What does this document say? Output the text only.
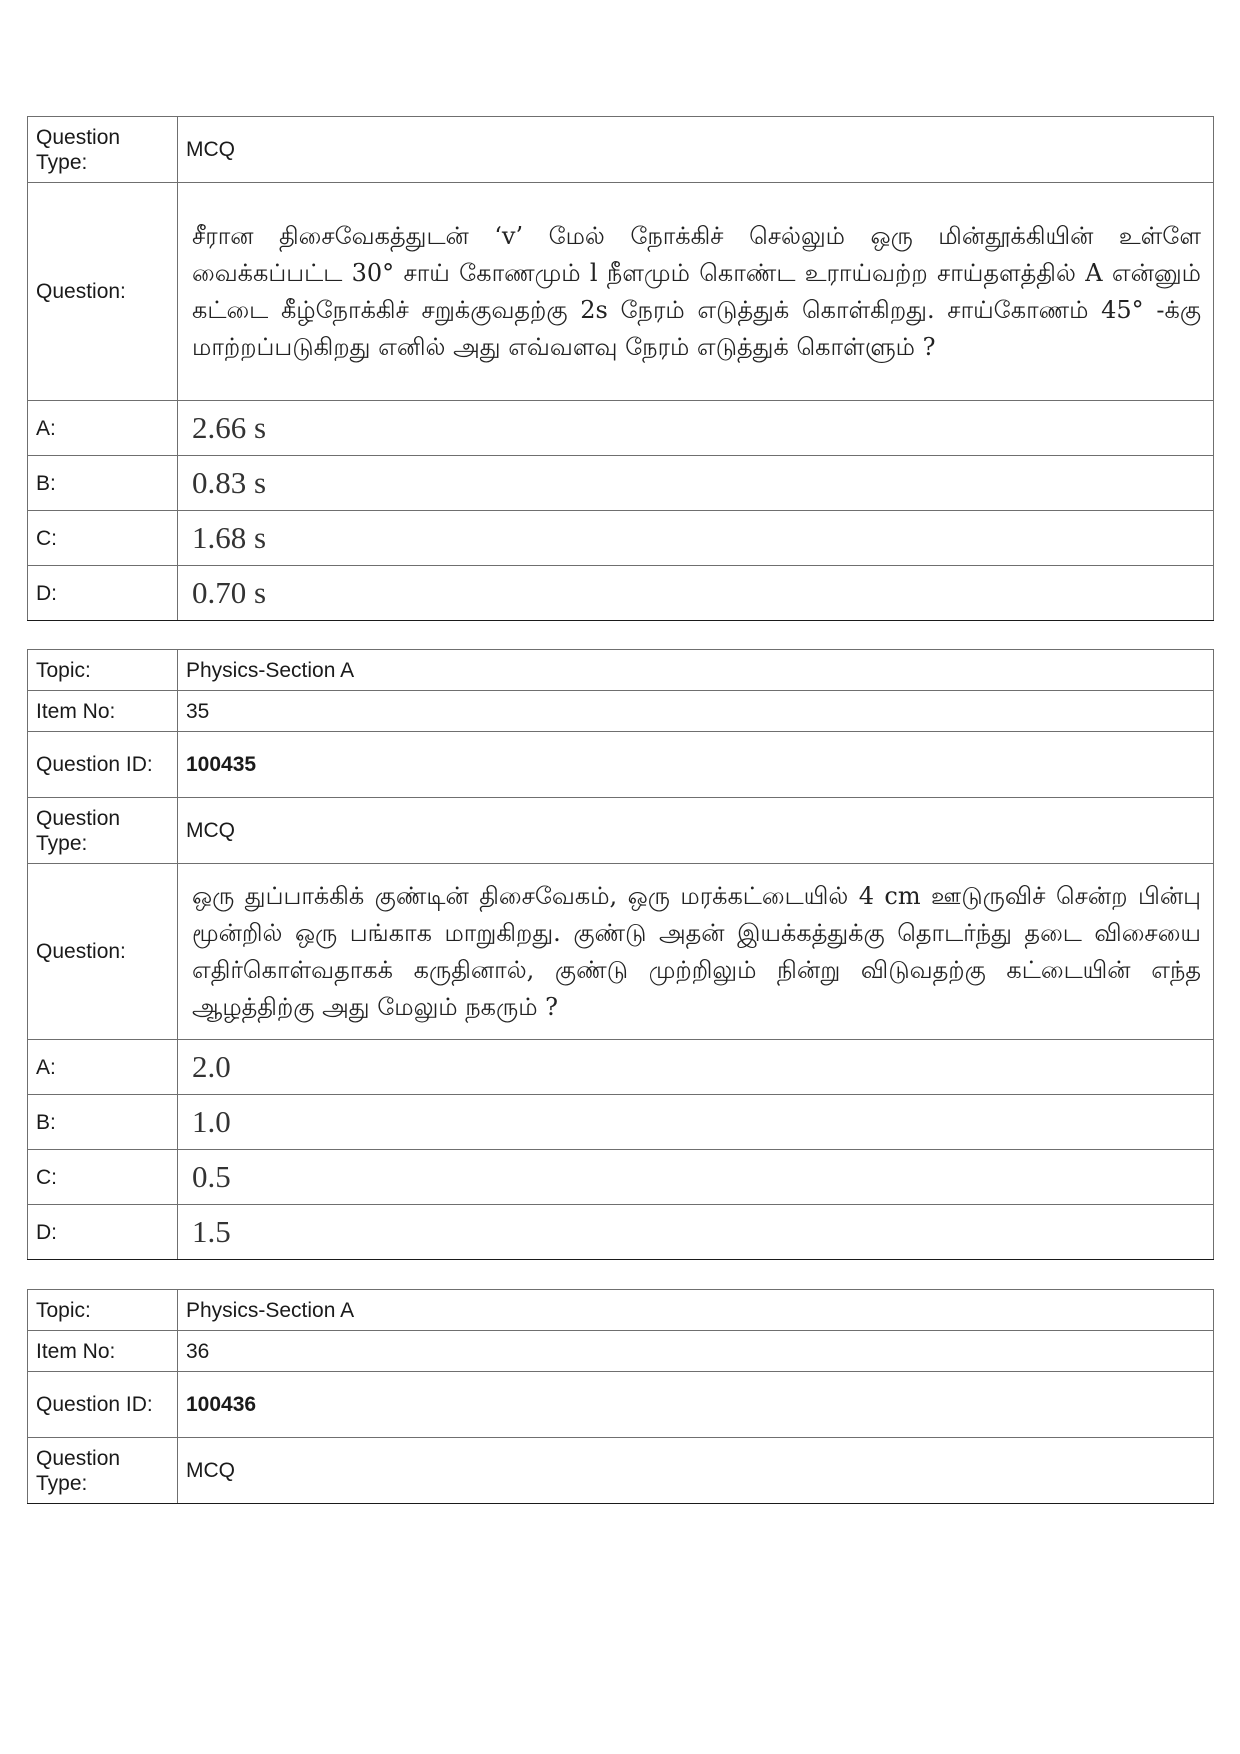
Question Type:	MCQ
Question:	சீரான திசைவேகத்துடன் ‘v’ மேல் நோக்கிச் செல்லும் ஒரு மின்தூக்கியின் உள்ளே வைக்கப்பட்ட 30° சாய் கோணமும் l நீளமும் கொண்ட உராய்வற்ற சாய்தளத்தில் A என்னும் கட்டை கீழ்நோக்கிச் சறுக்குவதற்கு 2s நேரம் எடுத்துக் கொள்கிறது. சாய்கோணம் 45° -க்கு மாற்றப்படுகிறது எனில் அது எவ்வளவு நேரம் எடுத்துக் கொள்ளும் ?
A:	2.66 s
B:	0.83 s
C:	1.68 s
D:	0.70 s
Topic:	Physics-Section A
Item No:	35
Question ID:	100435
Question Type:	MCQ
Question:	ஒரு துப்பாக்கிக் குண்டின் திசைவேகம், ஒரு மரக்கட்டையில் 4 cm ஊடுருவிச் சென்ற பின்பு மூன்றில் ஒரு பங்காக மாறுகிறது. குண்டு அதன் இயக்கத்துக்கு தொடர்ந்து தடை விசையை எதிர்கொள்வதாகக் கருதினால், குண்டு முற்றிலும் நின்று விடுவதற்கு கட்டையின் எந்த ஆழத்திற்கு அது மேலும் நகரும் ?
A:	2.0
B:	1.0
C:	0.5
D:	1.5
Topic:	Physics-Section A
Item No:	36
Question ID:	100436
Question Type:	MCQ
